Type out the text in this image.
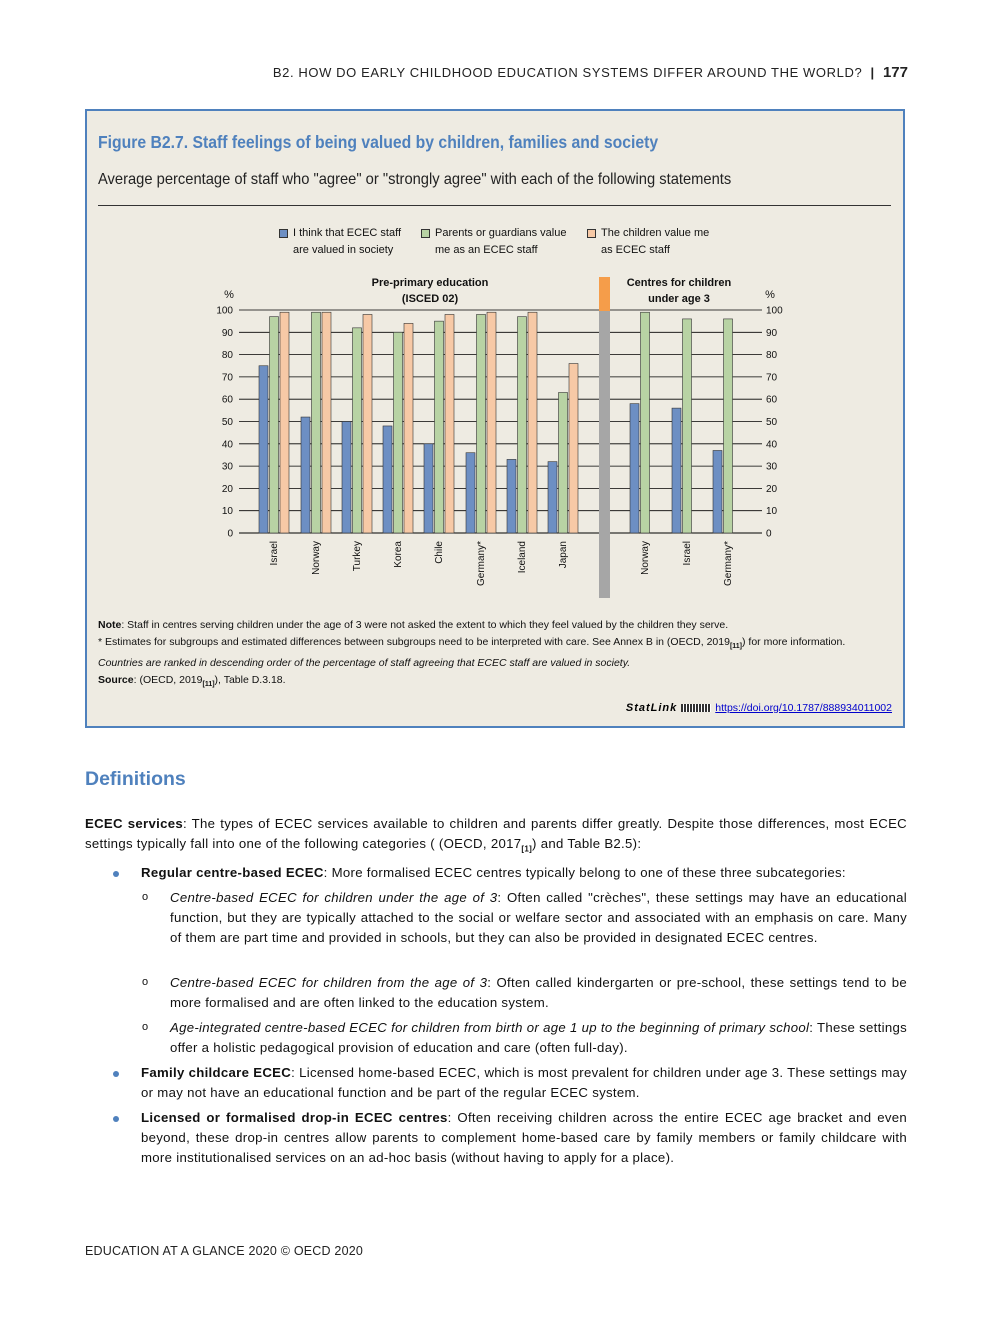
B2. HOW DO EARLY CHILDHOOD EDUCATION SYSTEMS DIFFER AROUND THE WORLD? | 177
Figure B2.7. Staff feelings of being valued by children, families and society
Average percentage of staff who "agree" or "strongly agree" with each of the following statements
I think that ECEC staff
are valued in society
Parents or guardians value
me as an ECEC staff
The children value me
as ECEC staff
0	0
10	10
20	20
30	30
40	40
50	50
60	60
70	70
80	80
90	90
100	100
%	%
Pre-primary education
(ISCED 02)
Centres for children
under age 3
Israel	Norway	Turkey	Korea	Chile	Germany*	Iceland	Japan	Norway	Israel	Germany*
Note: Staff in centres serving children under the age of 3 were not asked the extent to which they feel valued by the children they serve.
* Estimates for subgroups and estimated differences between subgroups need to be interpreted with care. See Annex B in (OECD, $2019_{[11]}$) for more information.
Countries are ranked in descending order of the percentage of staff agreeing that ECEC staff are valued in society.
Source: (OECD, $2019_{[11]}$), Table D.3.18.
StatLink	https://doi.org/10.1787/888934011002
Definitions
ECEC services: The types of ECEC services available to children and parents differ greatly. Despite those differences, most ECEC settings typically fall into one of the following categories ( (OECD, $2017_{[1]}$) and Table B2.5):
Regular centre-based ECEC: More formalised ECEC centres typically belong to one of these three subcategories:
o Centre-based ECEC for children under the age of 3: Often called "crèches", these settings may have an educational function, but they are typically attached to the social or welfare sector and associated with an emphasis on care. Many of them are part time and provided in schools, but they can also be provided in designated ECEC centres.
o Centre-based ECEC for children from the age of 3: Often called kindergarten or pre-school, these settings tend to be more formalised and are often linked to the education system.
o Age-integrated centre-based ECEC for children from birth or age 1 up to the beginning of primary school: These settings offer a holistic pedagogical provision of education and care (often full-day).
Family childcare ECEC: Licensed home-based ECEC, which is most prevalent for children under age 3. These settings may or may not have an educational function and be part of the regular ECEC system.
Licensed or formalised drop-in ECEC centres: Often receiving children across the entire ECEC age bracket and even beyond, these drop-in centres allow parents to complement home-based care by family members or family childcare with more institutionalised services on an ad-hoc basis (without having to apply for a place).
EDUCATION AT A GLANCE 2020 © OECD 2020
